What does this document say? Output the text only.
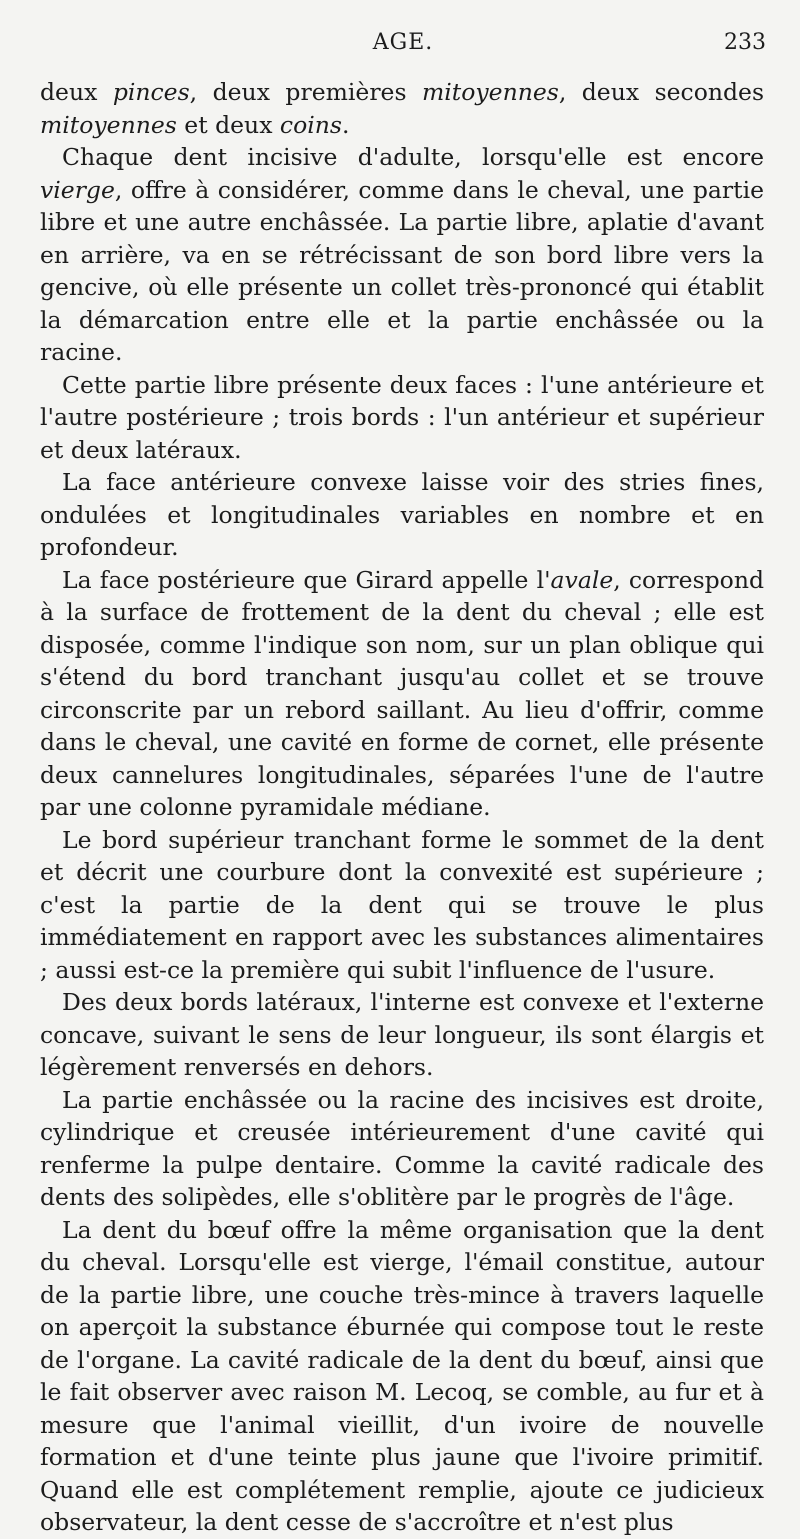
AGE.	233

deux pinces, deux premières mitoyennes, deux secondes mitoyennes et deux coins.

Chaque dent incisive d'adulte, lorsqu'elle est encore vierge, offre à considérer, comme dans le cheval, une partie libre et une autre enchâssée. La partie libre, aplatie d'avant en arrière, va en se rétrécissant de son bord libre vers la gencive, où elle présente un collet très-prononcé qui établit la démarcation entre elle et la partie enchâssée ou la racine.

Cette partie libre présente deux faces : l'une antérieure et l'autre postérieure ; trois bords : l'un antérieur et supérieur et deux latéraux.

La face antérieure convexe laisse voir des stries fines, ondulées et longitudinales variables en nombre et en profondeur.

La face postérieure que Girard appelle l'avale, correspond à la surface de frottement de la dent du cheval ; elle est disposée, comme l'indique son nom, sur un plan oblique qui s'étend du bord tranchant jusqu'au collet et se trouve circonscrite par un rebord saillant. Au lieu d'offrir, comme dans le cheval, une cavité en forme de cornet, elle présente deux cannelures longitudinales, séparées l'une de l'autre par une colonne pyramidale médiane.

Le bord supérieur tranchant forme le sommet de la dent et décrit une courbure dont la convexité est supérieure ; c'est la partie de la dent qui se trouve le plus immédiatement en rapport avec les substances alimentaires ; aussi est-ce la première qui subit l'influence de l'usure.

Des deux bords latéraux, l'interne est convexe et l'externe concave, suivant le sens de leur longueur, ils sont élargis et légèrement renversés en dehors.

La partie enchâssée ou la racine des incisives est droite, cylindrique et creusée intérieurement d'une cavité qui renferme la pulpe dentaire. Comme la cavité radicale des dents des solipèdes, elle s'oblitère par le progrès de l'âge.

La dent du bœuf offre la même organisation que la dent du cheval. Lorsqu'elle est vierge, l'émail constitue, autour de la partie libre, une couche très-mince à travers laquelle on aperçoit la substance éburnée qui compose tout le reste de l'organe. La cavité radicale de la dent du bœuf, ainsi que le fait observer avec raison M. Lecoq, se comble, au fur et à mesure que l'animal vieillit, d'un ivoire de nouvelle formation et d'une teinte plus jaune que l'ivoire primitif. Quand elle est complétement remplie, ajoute ce judicieux observateur, la dent cesse de s'accroître et n'est plus
